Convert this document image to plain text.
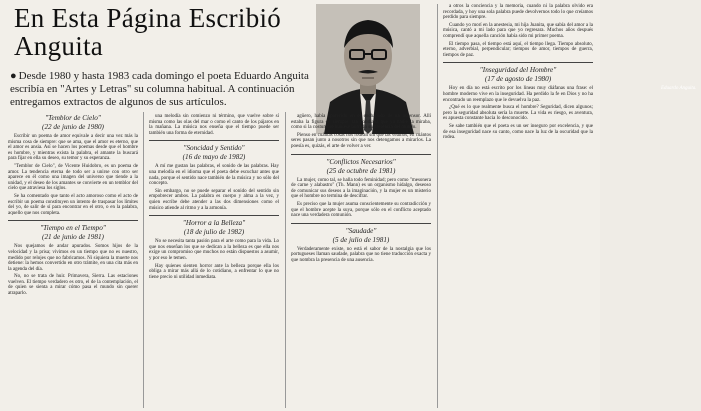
En Esta Página Escribió Anguita
Eduardo Anguita.
● Desde 1980 y hasta 1983 cada domingo el poeta Eduardo Anguita escribía en "Artes y Letras" su columna habitual. A continuación entregamos extractos de algunos de sus artículos.
"Temblor de Cielo"
(22 de junio de 1980)

Escribir un poema de amor equivale a decir una vez más la misma cosa de siempre: que se ama, que el amor es eterno, que el amor es ansia. Así se hacen los poemas desde que el hombre es hombre, y mientras exista la palabra, el amante la buscará para fijar en ella su deseo, su temor y su esperanza.

"Temblor de Cielo", de Vicente Huidobro, es un poema de amor. La tendencia eterna de todo ser a unirse con otro ser aparece en él como una imagen del universo que tiende a la unidad, y el deseo de los amantes se convierte en un temblor del cielo que atraviesa los siglos.

Se ha comentado que tanto el acto amoroso como el acto de escribir un poema constituyen un intento de traspasar los límites del yo, de salir de sí para encontrar en el otro, o en la palabra, aquello que nos completa.

"Tiempo en el Tiempo"
(21 de junio de 1981)

Nos quejamos de andar apurados. Somos hijos de la velocidad y la prisa; vivimos en un tiempo que no es nuestro, medido por relojes que no fabricamos. Ni siquiera la muerte nos detiene: la hemos convertido en otro trámite, en una cita más en la agenda del día.

No, no se trata de huir. Primavera, Sierra. Las estaciones vuelven. El tiempo verdadero es otro, el de la contemplación, el de quien se sienta a mirar cómo pasa el mundo sin querer atraparlo.

una melodía sin comienzo ni término, que vuelve sobre sí misma como las olas del mar o como el canto de los pájaros en la mañana. La música nos enseña que el tiempo puede ser también una forma de eternidad.

"Soncidad y Sentido"
(16 de mayo de 1982)

A mí me gustan las palabras, el sonido de las palabras. Hay una melodía en el idioma que el poeta debe escuchar antes que nada, porque el sentido nace también de la música y no sólo del concepto.

Sin embargo, no se puede separar el sonido del sentido sin empobrecer ambos. La palabra es cuerpo y alma a la vez, y quien escribe debe atender a las dos dimensiones como el músico atiende al ritmo y a la armonía.

"Horror a la Belleza"
(18 de julio de 1982)

No se necesita tanta pasión para el arte como para la vida. Lo que nos enseñan los que se dedican a la belleza es que ella nos exige un compromiso que muchos no están dispuestos a asumir, y por eso le temen.

Hay quienes sienten horror ante la belleza porque ella los obliga a mirar más allá de lo cotidiano, a enfrentar lo que no tiene precio ni utilidad inmediata.

agüero, había aparecido en el enchapado de un ascensor. Allí estaba la figura de siempre, tan cotidiana que ya nadie la miraba, como si la costumbre hubiese borrado su presencia del mundo.

Pienso en cuántas cosas nos rodean sin que las veamos, en cuántos seres pasan junto a nosotros sin que nos detengamos a mirarlos. La poesía es, quizás, el arte de volver a ver.

"Conflictos Necesarios"
(25 de octubre de 1981)

La mujer, como tal, se halla todo feminidad; pero como "mesonera de carne y alabastro" (Th. Mann) es un organismo hidalgo, deseoso de comunicar sus deseos a la imaginación, y la mujer es un misterio que el hombre no termina de descifrar.

Es preciso que la mujer asuma conscientemente su contradicción y que el hombre acepte la suya, porque sólo en el conflicto aceptado nace una verdadera comunión.

"Saudade"
(5 de julio de 1981)

Verdaderamente existe, no está el sabor de la nostalgia que los portugueses llaman saudade, palabra que no tiene traducción exacta y que nombra la presencia de una ausencia.

a otros la conciencia y la memoria, cuando ni la palabra olvido era recordada, y hoy una sola palabra puede devolvernos todo lo que creíamos perdido para siempre.

Cuando yo morí en la anestesia, mi hija Juanita, que sabía del amor a la música, cantó a mi lado para que yo regresara. Muchos años después comprendí que aquella canción había sido mi primer poema.

El tiempo pasa, el tiempo está aquí, el tiempo llega. Tiempo absoluto, eterno, adverbial, perpendicular; tiempos de amor, tiempos de guerra, tiempos de paz.

"Inseguridad del Hombre"
(17 de agosto de 1980)

Hoy en día no está escrito por los lineas muy diáfanas una frase: el hombre moderno vive en la inseguridad. Ha perdido la fe en Dios y no ha encontrado un reemplazo que le devuelva la paz.

¿Qué es lo que realmente busca el hombre? Seguridad, dicen algunos; pero la seguridad absoluta sería la muerte. La vida es riesgo, es aventura, es apuesta constante hacia lo desconocido.

Se sabe también que el poeta es un ser inseguro por excelencia, y que de esa inseguridad nace su canto, como nace la luz de la oscuridad que la rodea.
